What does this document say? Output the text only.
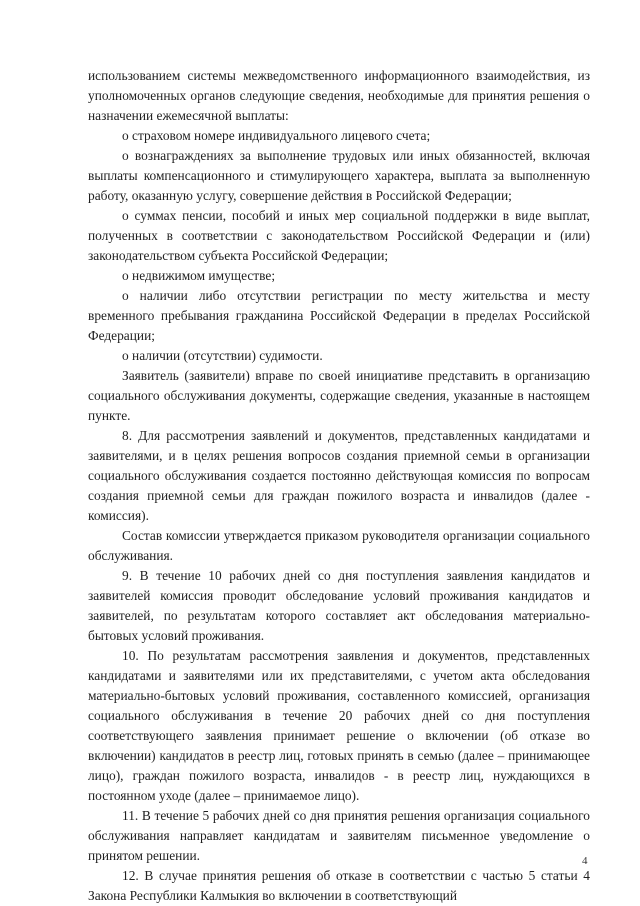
использованием системы межведомственного информационного взаимодействия, из уполномоченных органов следующие сведения, необходимые для принятия решения о назначении ежемесячной выплаты:

о страховом номере индивидуального лицевого счета;

о вознаграждениях за выполнение трудовых или иных обязанностей, включая выплаты компенсационного и стимулирующего характера, выплата за выполненную работу, оказанную услугу, совершение действия в Российской Федерации;

о суммах пенсии, пособий и иных мер социальной поддержки в виде выплат, полученных в соответствии с законодательством Российской Федерации и (или) законодательством субъекта Российской Федерации;

о недвижимом имуществе;

о наличии либо отсутствии регистрации по месту жительства и месту временного пребывания гражданина Российской Федерации в пределах Российской Федерации;

о наличии (отсутствии) судимости.

Заявитель (заявители) вправе по своей инициативе представить в организацию социального обслуживания документы, содержащие сведения, указанные в настоящем пункте.

8. Для рассмотрения заявлений и документов, представленных кандидатами и заявителями, и в целях решения вопросов создания приемной семьи в организации социального обслуживания создается постоянно действующая комиссия по вопросам создания приемной семьи для граждан пожилого возраста и инвалидов (далее - комиссия).

Состав комиссии утверждается приказом руководителя организации социального обслуживания.

9. В течение 10 рабочих дней со дня поступления заявления кандидатов и заявителей комиссия проводит обследование условий проживания кандидатов и заявителей, по результатам которого составляет акт обследования материально-бытовых условий проживания.

10. По результатам рассмотрения заявления и документов, представленных кандидатами и заявителями или их представителями, с учетом акта обследования материально-бытовых условий проживания, составленного комиссией, организация социального обслуживания в течение 20 рабочих дней со дня поступления соответствующего заявления принимает решение о включении (об отказе во включении) кандидатов в реестр лиц, готовых принять в семью (далее – принимающее лицо), граждан пожилого возраста, инвалидов - в реестр лиц, нуждающихся в постоянном уходе (далее – принимаемое лицо).

11. В течение 5 рабочих дней со дня принятия решения организация социального обслуживания направляет кандидатам и заявителям письменное уведомление о принятом решении.

12. В случае принятия решения об отказе в соответствии с частью 5 статьи 4 Закона Республики Калмыкия во включении в соответствующий

4
